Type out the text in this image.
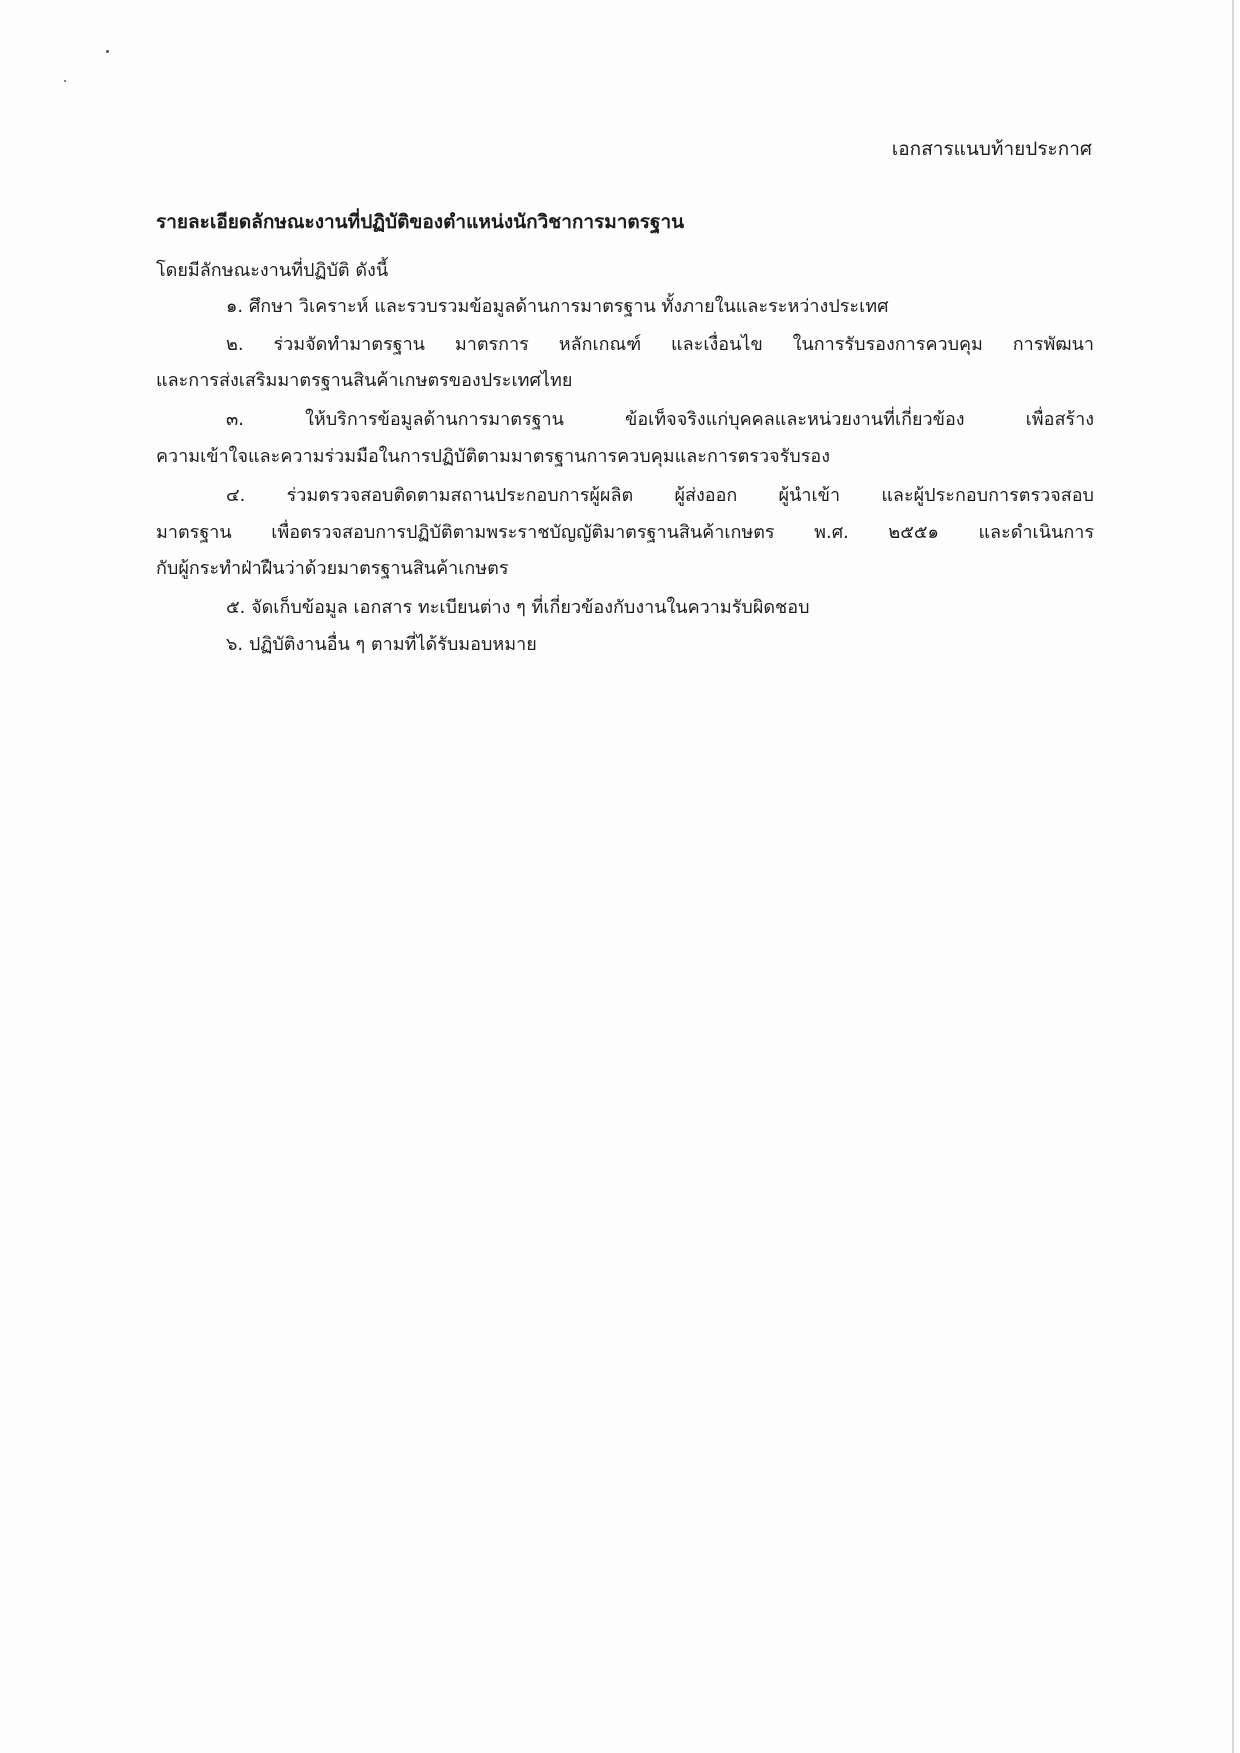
เอกสารแนบท้ายประกาศ
รายละเอียดลักษณะงานที่ปฏิบัติของตำแหน่งนักวิชาการมาตรฐาน
โดยมีลักษณะงานที่ปฏิบัติ ดังนี้
๑. ศึกษา วิเคราะห์ และรวบรวมข้อมูลด้านการมาตรฐาน ทั้งภายในและระหว่างประเทศ
๒. ร่วมจัดทำมาตรฐาน มาตรการ หลักเกณฑ์ และเงื่อนไข ในการรับรองการควบคุม การพัฒนา
และการส่งเสริมมาตรฐานสินค้าเกษตรของประเทศไทย
๓. ให้บริการข้อมูลด้านการมาตรฐาน ข้อเท็จจริงแก่บุคคลและหน่วยงานที่เกี่ยวข้อง เพื่อสร้าง
ความเข้าใจและความร่วมมือในการปฏิบัติตามมาตรฐานการควบคุมและการตรวจรับรอง
๔. ร่วมตรวจสอบติดตามสถานประกอบการผู้ผลิต ผู้ส่งออก ผู้นำเข้า และผู้ประกอบการตรวจสอบ
มาตรฐาน เพื่อตรวจสอบการปฏิบัติตามพระราชบัญญัติมาตรฐานสินค้าเกษตร พ.ศ. ๒๕๕๑ และดำเนินการ
กับผู้กระทำฝ่าฝืนว่าด้วยมาตรฐานสินค้าเกษตร
๕. จัดเก็บข้อมูล เอกสาร ทะเบียนต่าง ๆ ที่เกี่ยวข้องกับงานในความรับผิดชอบ
๖. ปฏิบัติงานอื่น ๆ ตามที่ได้รับมอบหมาย
